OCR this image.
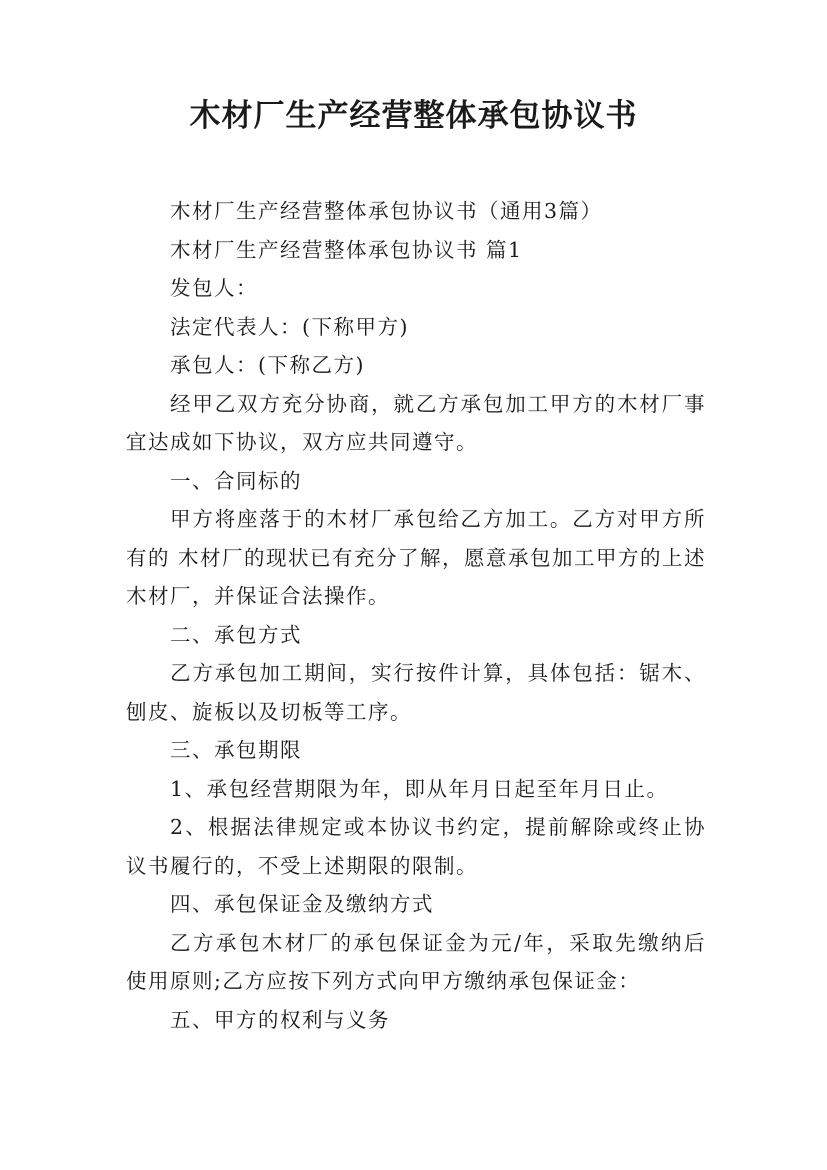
木材厂生产经营整体承包协议书

木材厂生产经营整体承包协议书（通用3篇）

木材厂生产经营整体承包协议书 篇1

发包人：

法定代表人：(下称甲方)

承包人：(下称乙方)

经甲乙双方充分协商，就乙方承包加工甲方的木材厂事宜达成如下协议，双方应共同遵守。

一、合同标的

甲方将座落于的木材厂承包给乙方加工。乙方对甲方所有的 木材厂的现状已有充分了解，愿意承包加工甲方的上述木材厂，并保证合法操作。

二、承包方式

乙方承包加工期间，实行按件计算，具体包括：锯木、刨皮、旋板以及切板等工序。

三、承包期限

1、承包经营期限为年，即从年月日起至年月日止。

2、根据法律规定或本协议书约定，提前解除或终止协议书履行的，不受上述期限的限制。

四、承包保证金及缴纳方式

乙方承包木材厂的承包保证金为元/年，采取先缴纳后使用原则;乙方应按下列方式向甲方缴纳承包保证金：

五、甲方的权利与义务
